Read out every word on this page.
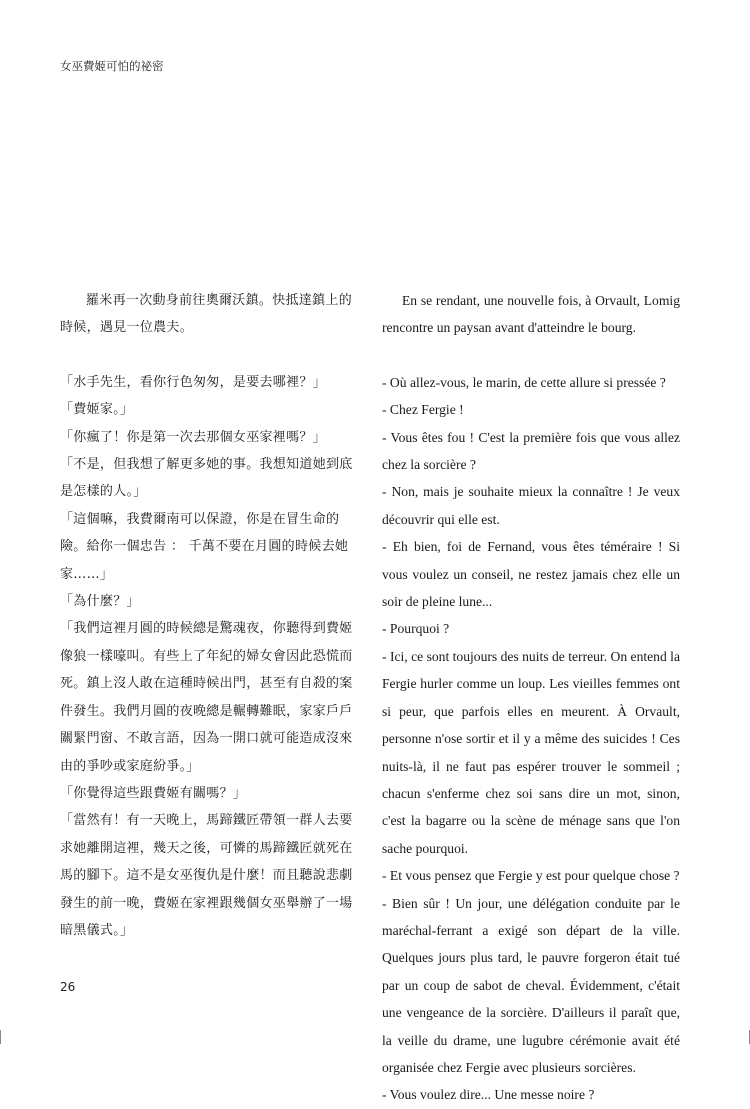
女巫費姬可怕的祕密

羅米再一次動身前往奧爾沃鎮。快抵達鎮上的時候，遇見一位農夫。

「水手先生，看你行色匆匆，是要去哪裡？」

「費姬家。」

「你瘋了！你是第一次去那個女巫家裡嗎？」

「不是，但我想了解更多她的事。我想知道她到底是怎樣的人。」

「這個嘛，我費爾南可以保證，你是在冒生命的險。給你一個忠告 ： 千萬不要在月圓的時候去她家……」

「為什麼？」

「我們這裡月圓的時候總是驚魂夜，你聽得到費姬像狼一樣嚎叫。有些上了年紀的婦女會因此恐慌而死。鎮上沒人敢在這種時候出門，甚至有自殺的案件發生。我們月圓的夜晚總是輾轉難眠，家家戶戶關緊門窗、不敢言語，因為一開口就可能造成沒來由的爭吵或家庭紛爭。」

「你覺得這些跟費姬有關嗎？」

「當然有！有一天晚上，馬蹄鐵匠帶領一群人去要求她離開這裡，幾天之後，可憐的馬蹄鐵匠就死在馬的腳下。這不是女巫復仇是什麼！而且聽說悲劇發生的前一晚，費姬在家裡跟幾個女巫舉辦了一場暗黑儀式。」

En se rendant, une nouvelle fois, à Orvault, Lomig rencontre un paysan avant d'atteindre le bourg.

- Où allez-vous, le marin, de cette allure si pressée ?

- Chez Fergie !

- Vous êtes fou ! C'est la première fois que vous allez chez la sorcière ?

- Non, mais je souhaite mieux la connaître ! Je veux découvrir qui elle est.

- Eh bien, foi de Fernand, vous êtes téméraire ! Si vous voulez un conseil, ne restez jamais chez elle un soir de pleine lune...

- Pourquoi ?

- Ici, ce sont toujours des nuits de terreur. On entend la Fergie hurler comme un loup. Les vieilles femmes ont si peur, que parfois elles en meurent. À Orvault, personne n'ose sortir et il y a même des suicides ! Ces nuits-là, il ne faut pas espérer trouver le sommeil ; chacun s'enferme chez soi sans dire un mot, sinon, c'est la bagarre ou la scène de ménage sans que l'on sache pourquoi.

- Et vous pensez que Fergie y est pour quelque chose ?

- Bien sûr ! Un jour, une délégation conduite par le maréchal-ferrant a exigé son départ de la ville. Quelques jours plus tard, le pauvre forgeron était tué par un coup de sabot de cheval. Évidemment, c'était une vengeance de la sorcière. D'ailleurs il paraît que, la veille du drame, une lugubre cérémonie avait été organisée chez Fergie avec plusieurs sorcières.

- Vous voulez dire... Une messe noire ?

26
